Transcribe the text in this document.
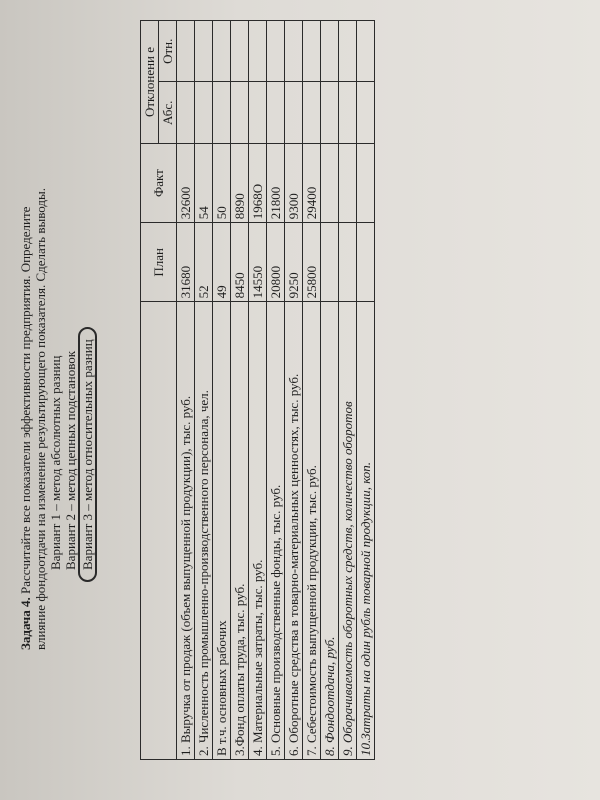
Задача 4. Рассчитайте все показатели эффективности предприятия. Определите влияние фондоотдачи на изменение результирующего показателя. Сделать выводы. Вариант 1 – метод абсолютных разниц Вариант 2 – метод цепных подстановок Вариант 3 – метод относительных разниц
	План	Факт	Отклонени е	
			Абс.	Отн.
1. Выручка от продаж (объем выпущенной продукции), тыс. руб.	31680	32600		
2. Численность промышленно-производственного персонала, чел.	52	54		
В т.ч. основных рабочих	49	50		
3.Фонд оплаты труда, тыс. руб.	8450	8890		
4. Материальные затраты, тыс. руб.	14550	1968О		
5. Основные производственные фонды, тыс. руб.	20800	21800		
6. Оборотные средства в товарно-материальных ценностях, тыс. руб.	9250	9300		
7. Себестоимость выпущенной продукции, тыс. руб.	25800	29400		
8. Фондоотдача, руб.				
9. Оборачиваемость оборотных средств, количество оборотов				
10.Затраты на один рубль товарной продукции, коп.				
